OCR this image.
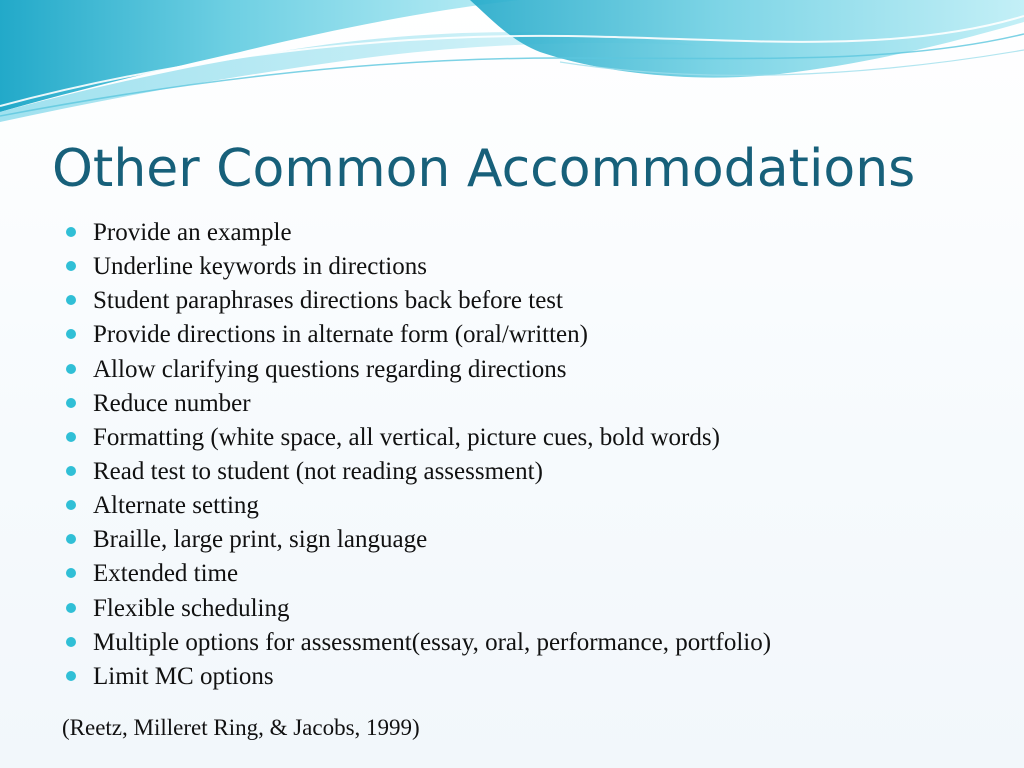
Other Common Accommodations
Provide an example
Underline keywords in directions
Student paraphrases directions back before test
Provide directions in alternate form (oral/written)
Allow clarifying questions regarding directions
Reduce number
Formatting (white space, all vertical, picture cues, bold words)
Read test to student (not reading assessment)
Alternate setting
Braille, large print, sign language
Extended time
Flexible scheduling
Multiple options for assessment(essay, oral, performance, portfolio)
Limit MC options

(Reetz, Milleret Ring, & Jacobs, 1999)
